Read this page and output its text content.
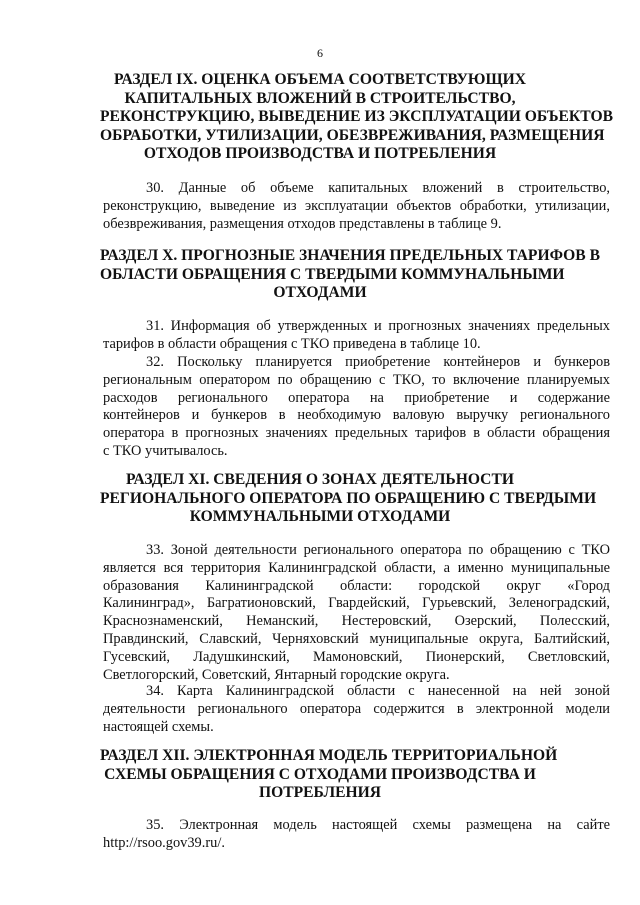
6
РАЗДЕЛ IX. ОЦЕНКА ОБЪЕМА СООТВЕТСТВУЮЩИХ
КАПИТАЛЬНЫХ ВЛОЖЕНИЙ В СТРОИТЕЛЬСТВО,
РЕКОНСТРУКЦИЮ, ВЫВЕДЕНИЕ ИЗ ЭКСПЛУАТАЦИИ ОБЪЕКТОВ
ОБРАБОТКИ, УТИЛИЗАЦИИ, ОБЕЗВРЕЖИВАНИЯ, РАЗМЕЩЕНИЯ
ОТХОДОВ ПРОИЗВОДСТВА И ПОТРЕБЛЕНИЯ

30. Данные об объеме капитальных вложений в строительство,
реконструкцию, выведение из эксплуатации объектов обработки, утилизации,
обезвреживания, размещения отходов представлены в таблице 9.

РАЗДЕЛ X. ПРОГНОЗНЫЕ ЗНАЧЕНИЯ ПРЕДЕЛЬНЫХ ТАРИФОВ В
ОБЛАСТИ ОБРАЩЕНИЯ С ТВЕРДЫМИ КОММУНАЛЬНЫМИ
ОТХОДАМИ

31. Информация об утвержденных и прогнозных значениях предельных
тарифов в области обращения с ТКО приведена в таблице 10.

32. Поскольку планируется приобретение контейнеров и бункеров
региональным оператором по обращению с ТКО, то включение планируемых
расходов регионального оператора на приобретение и содержание
контейнеров и бункеров в необходимую валовую выручку регионального
оператора в прогнозных значениях предельных тарифов в области обращения
с ТКО учитывалось.

РАЗДЕЛ XI. СВЕДЕНИЯ О ЗОНАХ ДЕЯТЕЛЬНОСТИ
РЕГИОНАЛЬНОГО ОПЕРАТОРА ПО ОБРАЩЕНИЮ С ТВЕРДЫМИ
КОММУНАЛЬНЫМИ ОТХОДАМИ

33. Зоной деятельности регионального оператора по обращению с ТКО
является вся территория Калининградской области, а именно муниципальные
образования Калининградской области: городской округ «Город
Калининград», Багратионовский, Гвардейский, Гурьевский, Зеленоградский,
Краснознаменский, Неманский, Нестеровский, Озерский, Полесский,
Правдинский, Славский, Черняховский муниципальные округа, Балтийский,
Гусевский, Ладушкинский, Мамоновский, Пионерский, Светловский,
Светлогорский, Советский, Янтарный городские округа.

34. Карта Калининградской области с нанесенной на ней зоной
деятельности регионального оператора содержится в электронной модели
настоящей схемы.

РАЗДЕЛ XII. ЭЛЕКТРОННАЯ МОДЕЛЬ ТЕРРИТОРИАЛЬНОЙ
СХЕМЫ ОБРАЩЕНИЯ С ОТХОДАМИ ПРОИЗВОДСТВА И
ПОТРЕБЛЕНИЯ

35. Электронная модель настоящей схемы размещена на сайте
http://rsoo.gov39.ru/.
